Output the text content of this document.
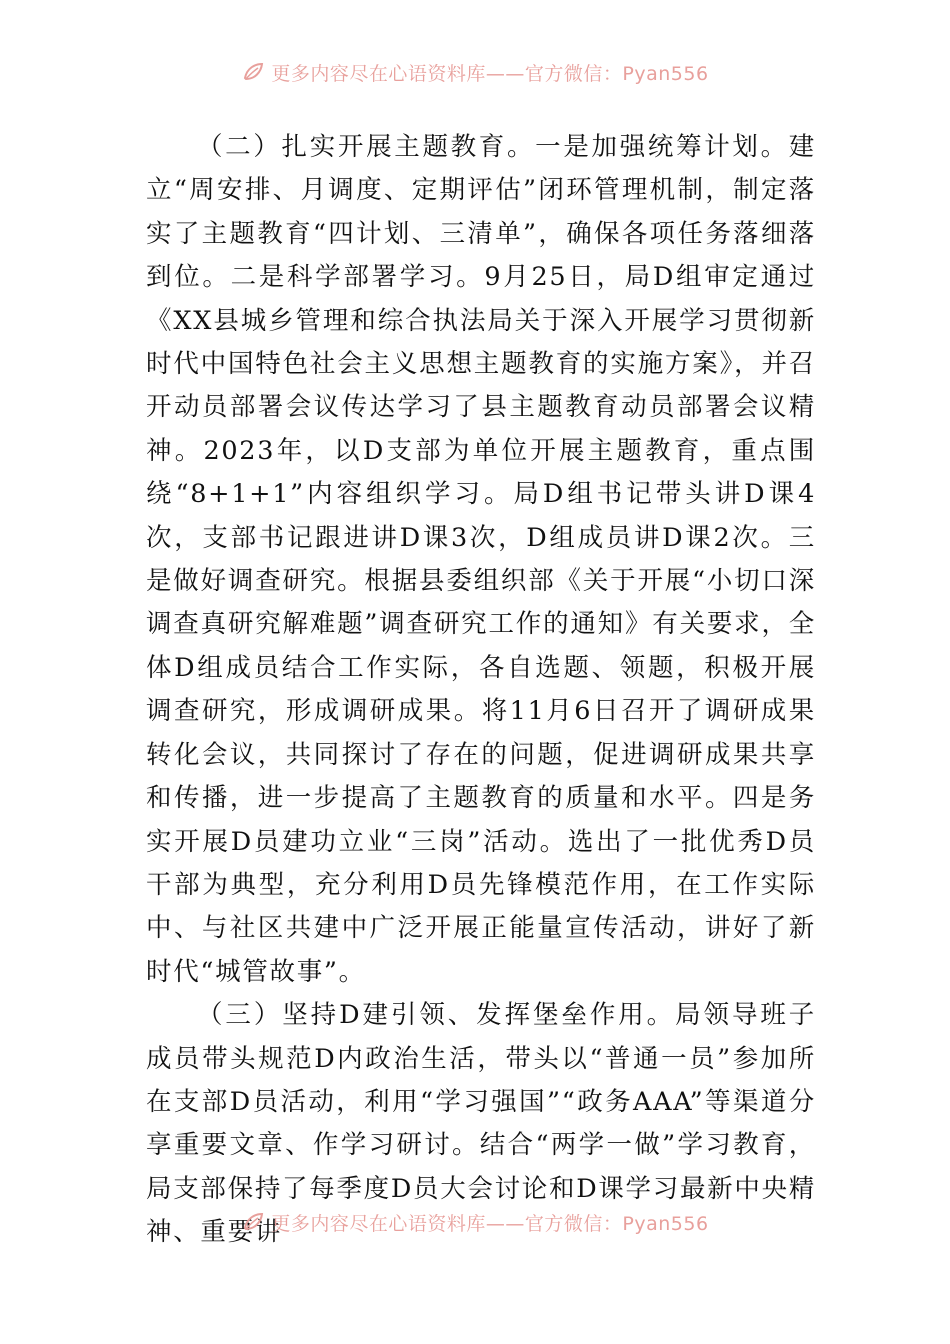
更多内容尽在心语资料库——官方微信：Pyan556

（二）扎实开展主题教育。一是加强统筹计划。建立“周安排、月调度、定期评估”闭环管理机制，制定落实了主题教育“四计划、三清单”，确保各项任务落细落到位。二是科学部署学习。9月25日，局D组审定通过《XX县城乡管理和综合执法局关于深入开展学习贯彻新时代中国特色社会主义思想主题教育的实施方案》，并召开动员部署会议传达学习了县主题教育动员部署会议精神。2023年，以D支部为单位开展主题教育，重点围绕“8+1+1”内容组织学习。局D组书记带头讲D课4次，支部书记跟进讲D课3次，D组成员讲D课2次。三是做好调查研究。根据县委组织部《关于开展“小切口深调查真研究解难题”调查研究工作的通知》有关要求，全体D组成员结合工作实际，各自选题、领题，积极开展调查研究，形成调研成果。将11月6日召开了调研成果转化会议，共同探讨了存在的问题，促进调研成果共享和传播，进一步提高了主题教育的质量和水平。四是务实开展D员建功立业“三岗”活动。选出了一批优秀D员干部为典型，充分利用D员先锋模范作用，在工作实际中、与社区共建中广泛开展正能量宣传活动，讲好了新时代“城管故事”。

（三）坚持D建引领、发挥堡垒作用。局领导班子成员带头规范D内政治生活，带头以“普通一员”参加所在支部D员活动，利用“学习强国”“政务AAA”等渠道分享重要文章、作学习研讨。结合“两学一做”学习教育，局支部保持了每季度D员大会讨论和D课学习最新中央精神、重要讲

更多内容尽在心语资料库——官方微信：Pyan556
